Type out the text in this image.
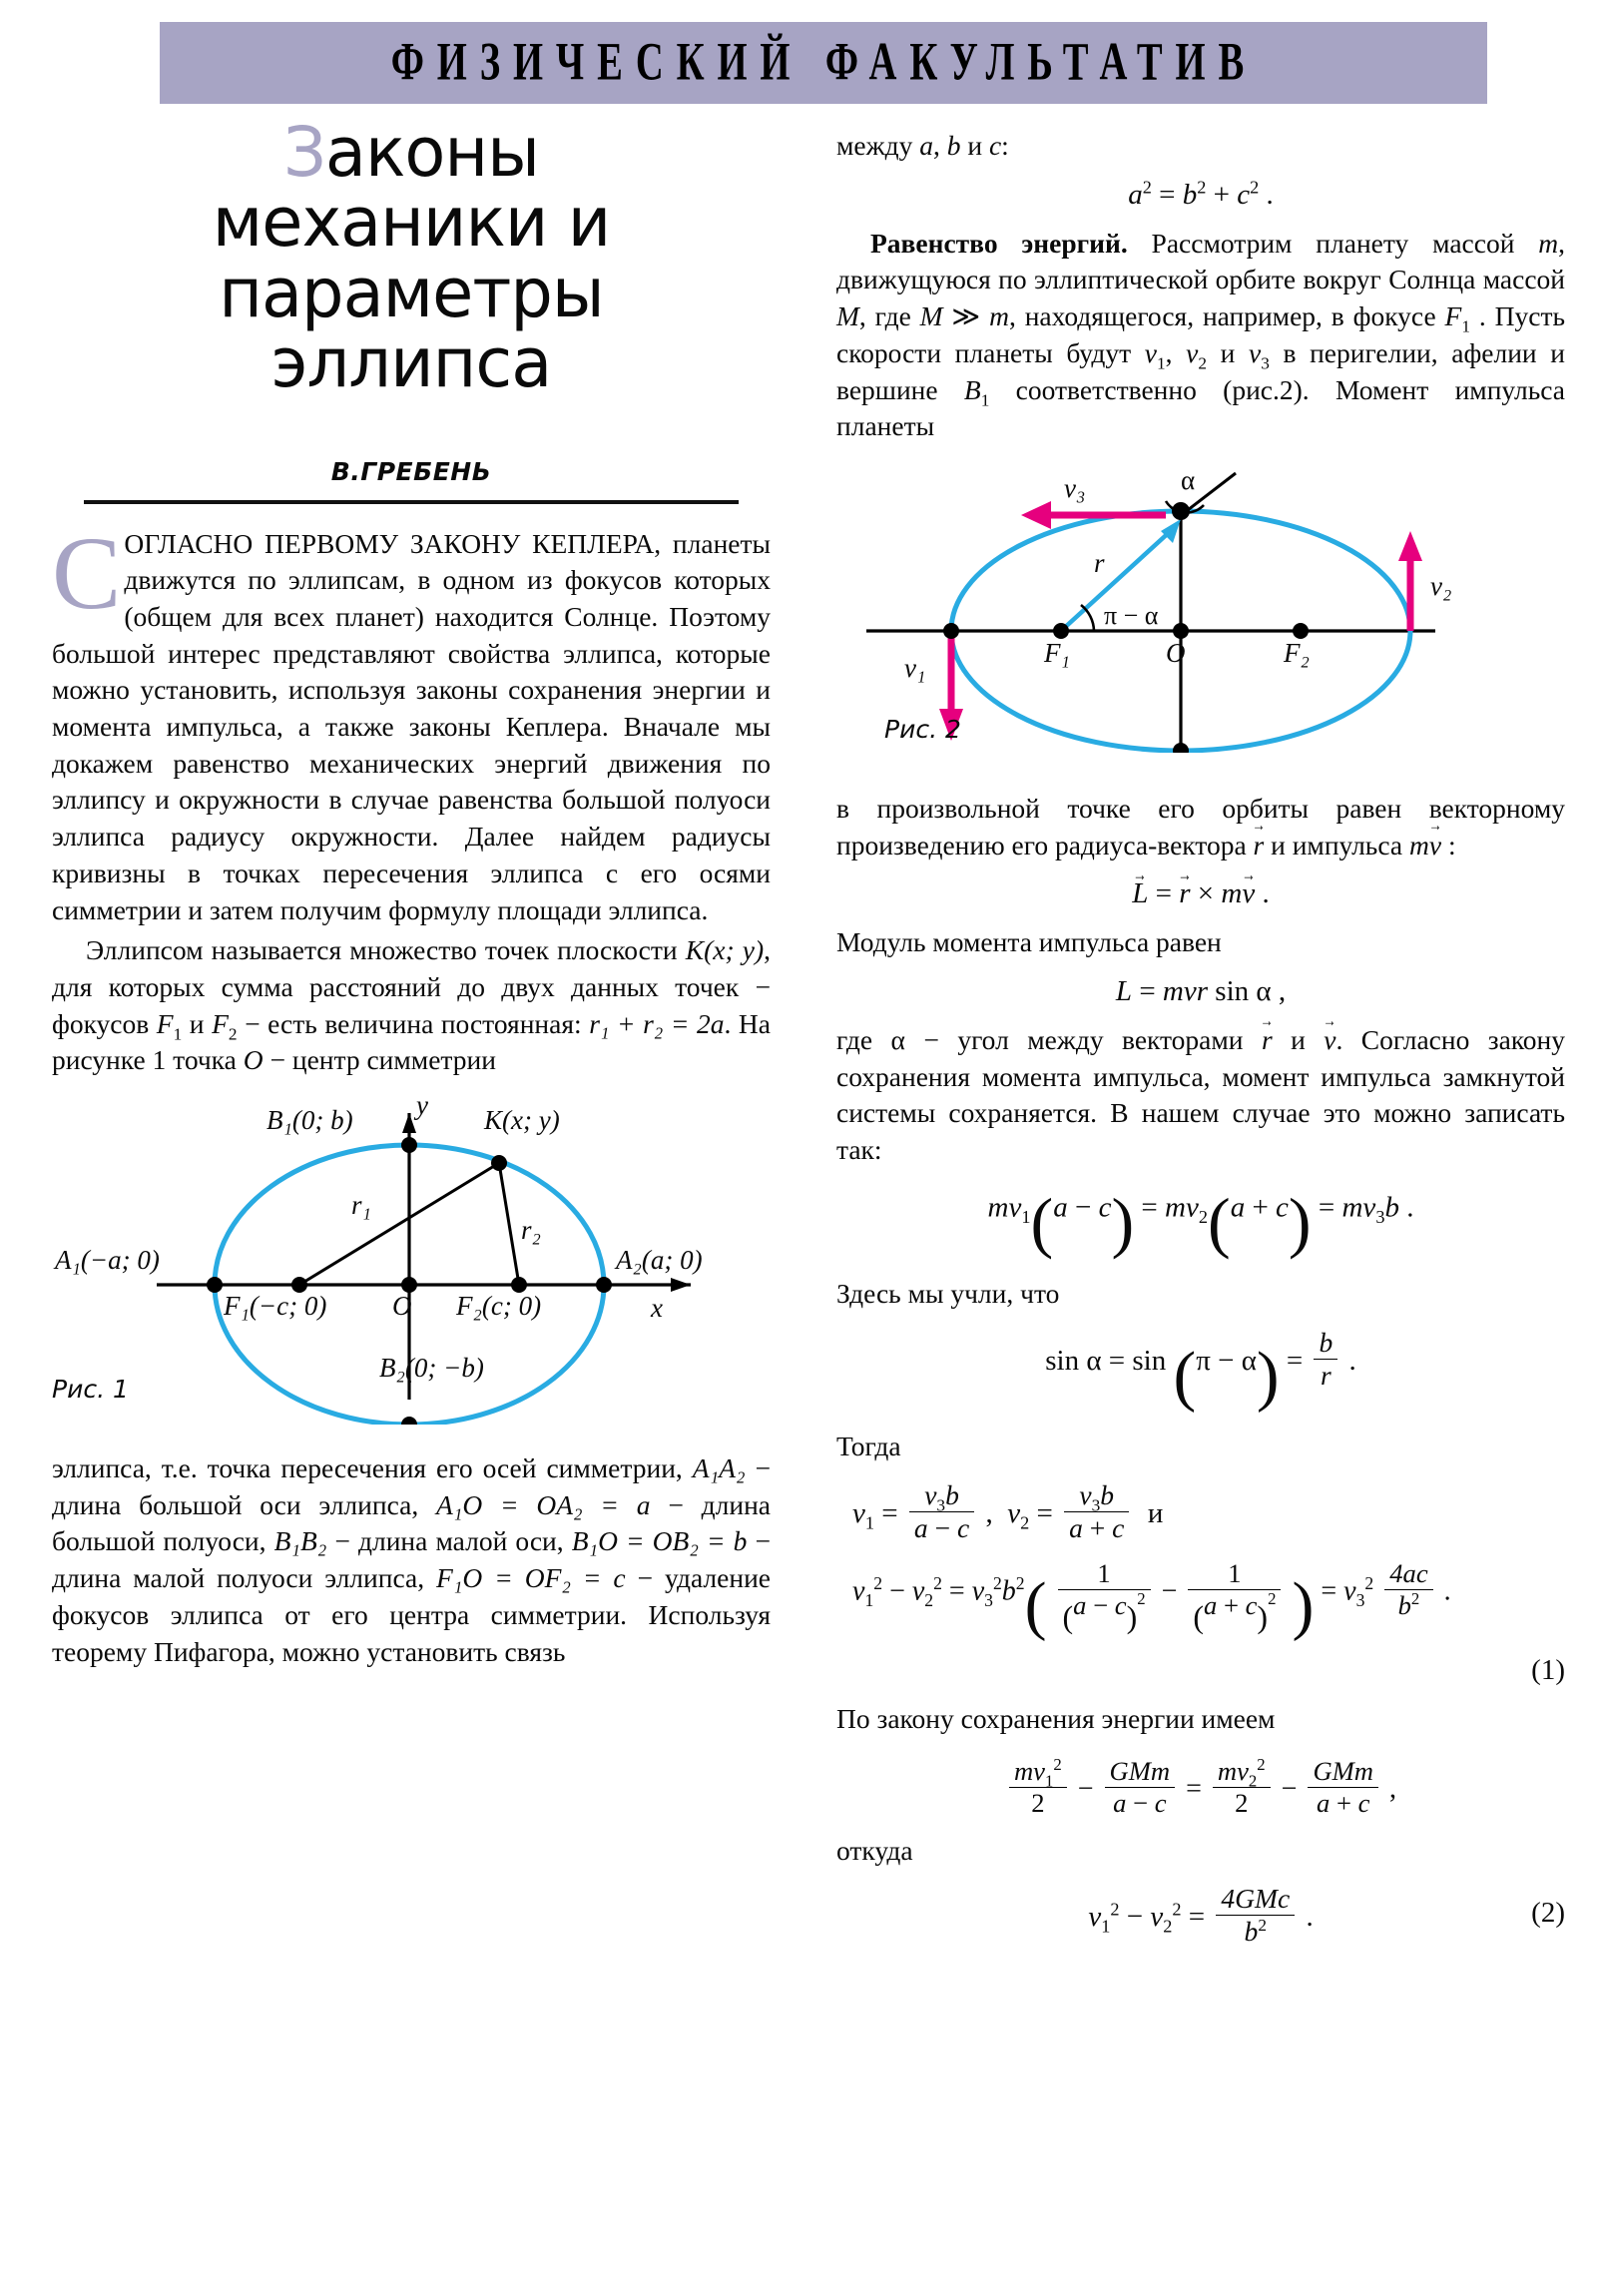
ФИЗИЧЕСКИЙ ФАКУЛЬТАТИВ
Законы
механики и
параметры
эллипса
В.ГРЕБЕНЬ

СОГЛАСНО ПЕРВОМУ ЗАКОНУ КЕПЛЕРА, планеты движутся по эллипсам, в одном из фокусов которых (общем для всех планет) находится Солнце. Поэтому большой интерес представляют свойства эллипса, которые можно установить, используя законы сохранения энергии и момента импульса, а также законы Кеплера. Вначале мы докажем равенство механических энергий движения по эллипсу и окружности в случае равенства большой полуоси эллипса радиусу окружности. Далее найдем радиусы кривизны в точках пересечения эллипса с его осями симметрии и затем получим формулу площади эллипса.

Эллипсом называется множество точек плоскости K(x; y), для которых сумма расстояний до двух данных точек − фокусов $F_1$ и $F_2$ − есть величина постоянная: r₁ + r₂ = 2a. На рисунке 1 точка O − центр симметрии

B₁(0; b)	K(x; y)
A₁(−a; 0)	A₂(a; 0)
F₁(−c; 0) O F₂(c; 0)
B₂(0; −b)
r₁
r₂
x
y
Рис. 1

эллипса, т.е. точка пересечения его осей симметрии, A₁A₂ − длина большой оси эллипса, A₁O = OA₂ = a − длина большой полуоси, B₁B₂ − длина малой оси, B₁O = OB₂ = b − длина малой полуоси эллипса, F₁O = OF₂ = c − удаление фокусов эллипса от его центра симметрии. Используя теорему Пифагора, можно установить связь

между a, b и c:

$a^2 = b^2 + c^2$ .

Равенство энергий. Рассмотрим планету массой m, движущуюся по эллиптической орбите вокруг Солнца массой M, где M ≫ m, находящегося, например, в фокусе $F_1$ . Пусть скорости планеты будут $v_1$, $v_2$ и $v_3$ в перигелии, афелии и вершине $B_1$ соответственно (рис.2). Момент импульса планеты

v₃	α
v₂
v₁
r
π − α
F₁	O	F₂
Рис. 2

в произвольной точке его орбиты равен векторному произведению его радиуса-вектора r → и импульса mv → :

L → = r → × mv → .

Модуль момента импульса равен

L = mvr sin α ,

где α − угол между векторами r → и v →. Согласно закону сохранения момента импульса, момент импульса замкнутой системы сохраняется. В нашем случае это можно записать так:

$mv_1(a - c) = mv_2(a + c) = mv_3b$ .

Здесь мы учли, что

$\sin \alpha = \sin (\pi - \alpha) = \frac{b}{r}$ .

Тогда

$v_1 = \frac{v_3b}{a - c}$ ,  $v_2 = \frac{v_3b}{a + c}$ и
$v_1^2 - v_2^2 = v_3^2b^2( \frac{1}{(a - c)^2} - \frac{1}{(a + c)^2}$ ) = $v_3^2 \frac{4ac}{b^2}$ .
(1)

По закону сохранения энергии имеем

$\frac{mv_1^2}{2} - \frac{\text{GMm}}{a - c} = \frac{mv_2^2}{2} - \frac{\text{GMm}}{a + c}$ ,

откуда

$v_1^2 - v_2^2 = \frac{\text{4GMc}}{b^2}$ .	(2)
